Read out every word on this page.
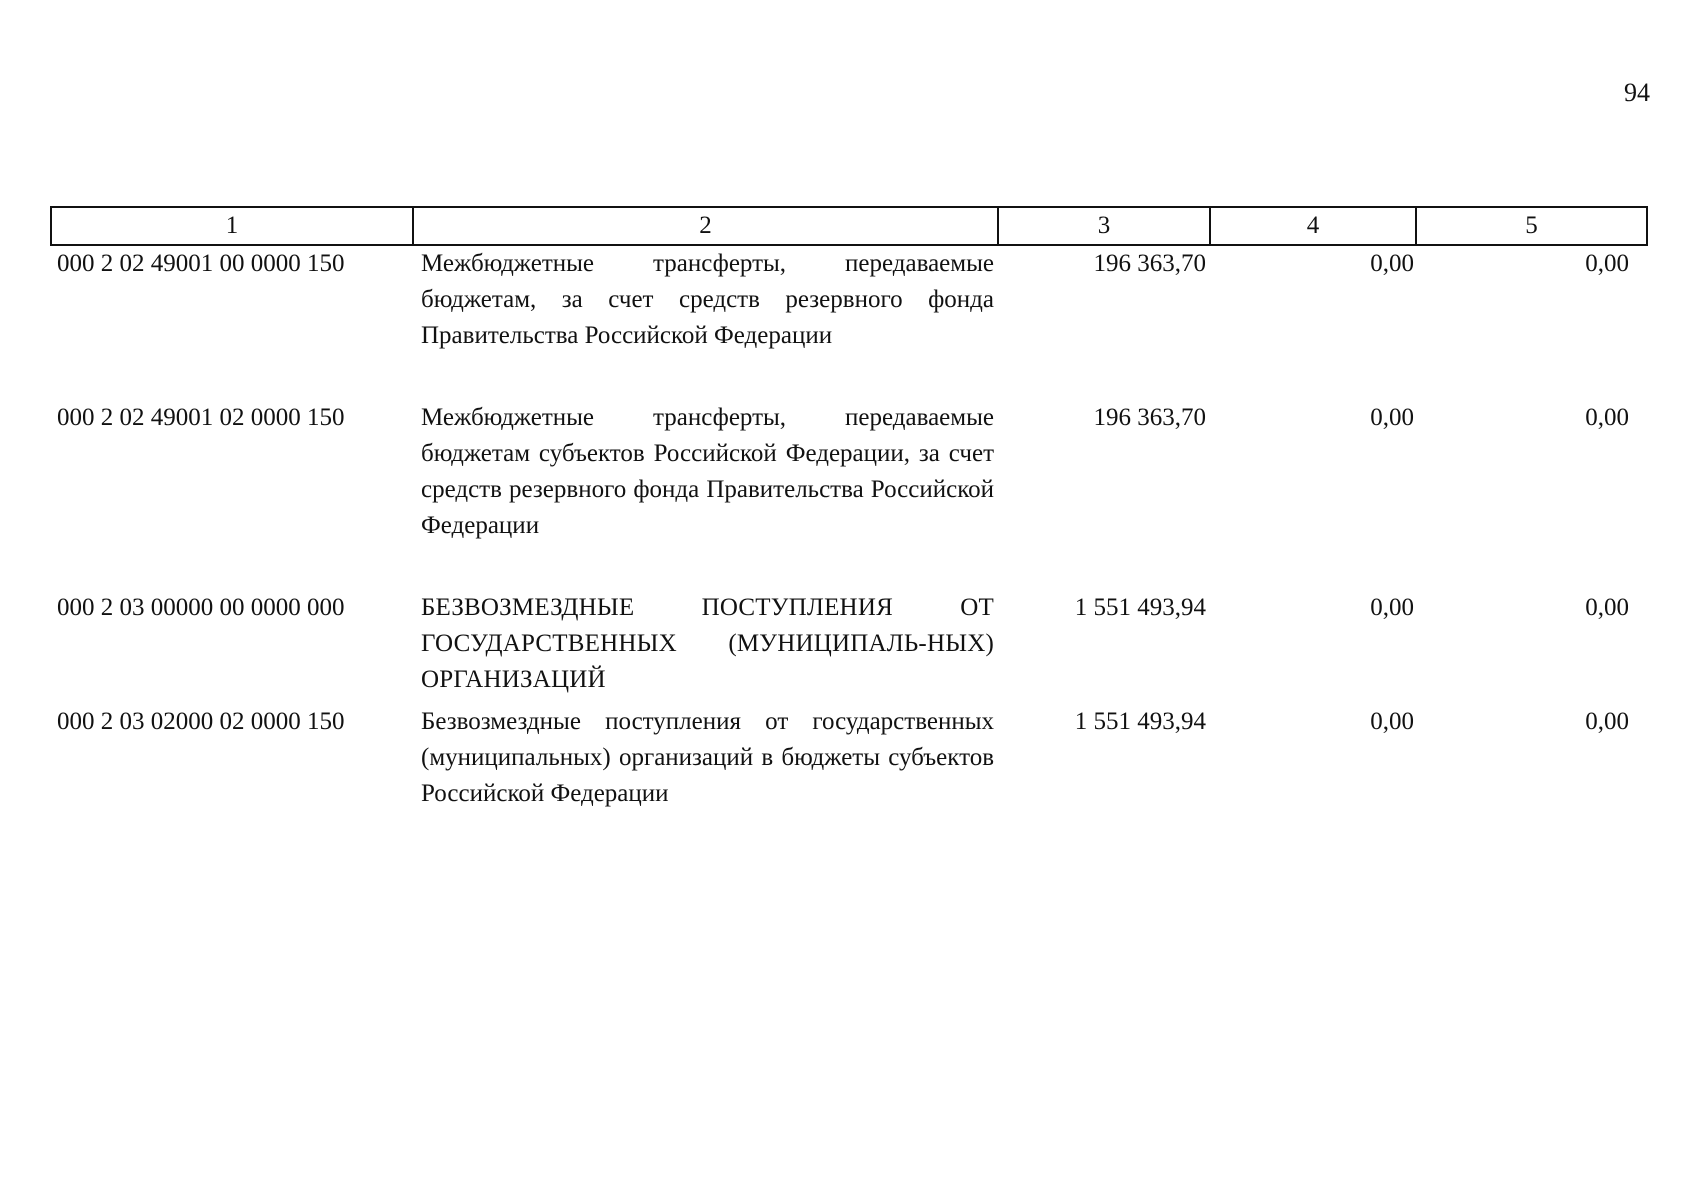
94
1	2	3	4	5
000 2 02 49001 00 0000 150	Межбюджетные трансферты, передаваемые бюджетам, за счет средств резервного фонда Правительства Российской Федерации	196 363,70	0,00	0,00
000 2 02 49001 02 0000 150	Межбюджетные трансферты, передаваемые бюджетам субъектов Российской Федерации, за счет средств резервного фонда Правительства Российской Федерации	196 363,70	0,00	0,00
000 2 03 00000 00 0000 000	БЕЗВОЗМЕЗДНЫЕ ПОСТУПЛЕНИЯ ОТ ГОСУДАРСТВЕННЫХ (МУНИЦИПАЛЬ-НЫХ) ОРГАНИЗАЦИЙ	1 551 493,94	0,00	0,00
000 2 03 02000 02 0000 150	Безвозмездные поступления от государственных (муниципальных) организаций в бюджеты субъектов Российской Федерации	1 551 493,94	0,00	0,00
